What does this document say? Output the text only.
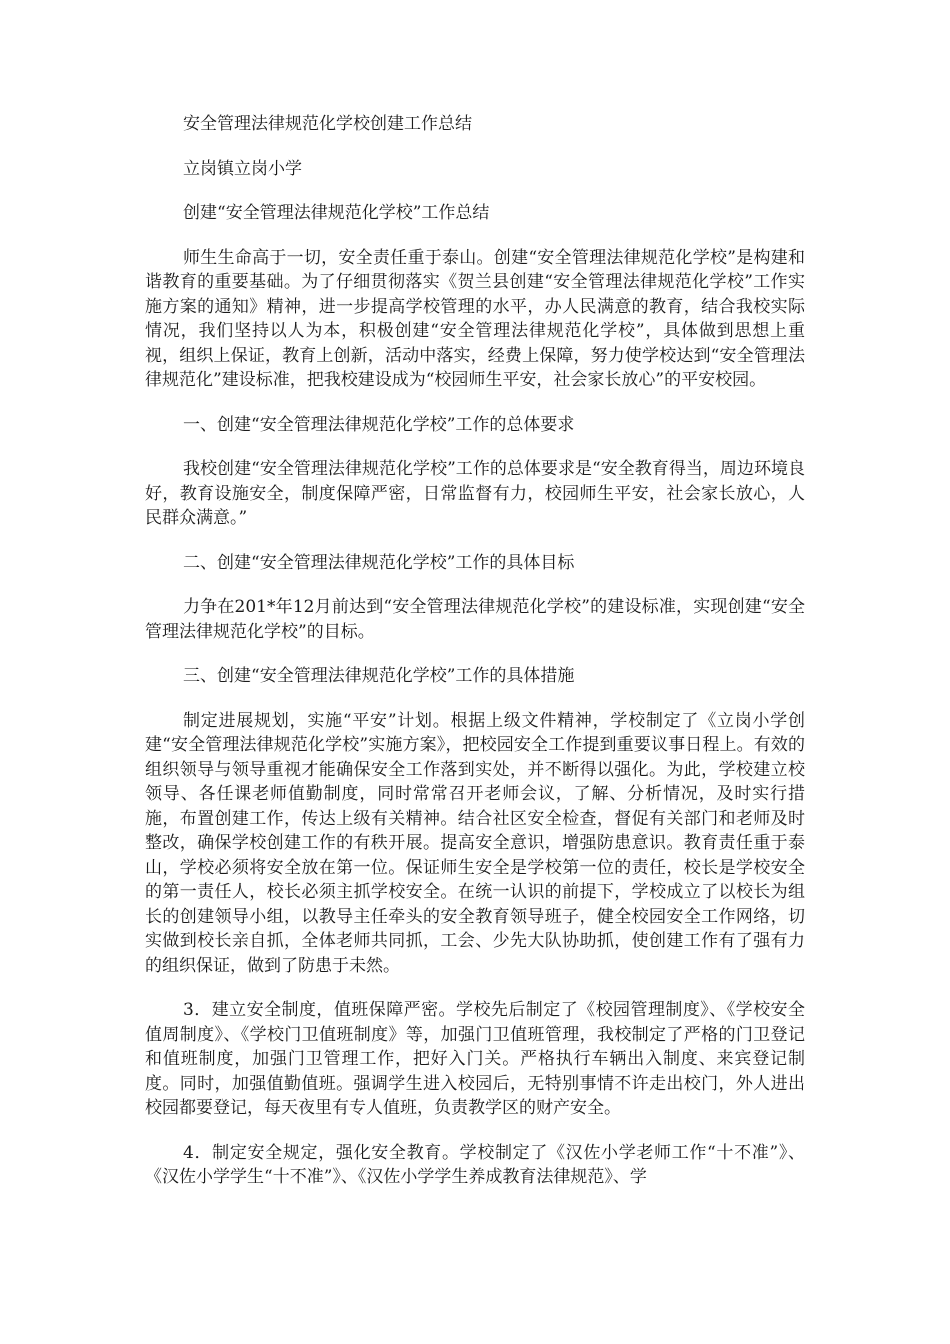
安全管理法律规范化学校创建工作总结
立岗镇立岗小学
创建“安全管理法律规范化学校”工作总结
师生生命高于一切，安全责任重于泰山。创建“安全管理法律规范化学校”是构建和谐教育的重要基础。为了仔细贯彻落实《贺兰县创建“安全管理法律规范化学校”工作实施方案的通知》精神，进一步提高学校管理的水平，办人民满意的教育，结合我校实际情况，我们坚持以人为本，积极创建“安全管理法律规范化学校”，具体做到思想上重视，组织上保证，教育上创新，活动中落实，经费上保障，努力使学校达到“安全管理法律规范化”建设标准，把我校建设成为“校园师生平安，社会家长放心”的平安校园。
一、创建“安全管理法律规范化学校”工作的总体要求
我校创建“安全管理法律规范化学校”工作的总体要求是“安全教育得当，周边环境良好，教育设施安全，制度保障严密，日常监督有力，校园师生平安，社会家长放心，人民群众满意。”
二、创建“安全管理法律规范化学校”工作的具体目标
力争在201*年12月前达到“安全管理法律规范化学校”的建设标准，实现创建“安全管理法律规范化学校”的目标。
三、创建“安全管理法律规范化学校”工作的具体措施
制定进展规划，实施“平安”计划。根据上级文件精神，学校制定了《立岗小学创建“安全管理法律规范化学校”实施方案》，把校园安全工作提到重要议事日程上。有效的组织领导与领导重视才能确保安全工作落到实处，并不断得以强化。为此，学校建立校领导、各任课老师值勤制度，同时常常召开老师会议，了解、分析情况，及时实行措施，布置创建工作，传达上级有关精神。结合社区安全检查，督促有关部门和老师及时整改，确保学校创建工作的有秩开展。提高安全意识，增强防患意识。教育责任重于泰山，学校必须将安全放在第一位。保证师生安全是学校第一位的责任，校长是学校安全的第一责任人，校长必须主抓学校安全。在统一认识的前提下，学校成立了以校长为组长的创建领导小组，以教导主任牵头的安全教育领导班子，健全校园安全工作网络，切实做到校长亲自抓，全体老师共同抓，工会、少先大队协助抓，使创建工作有了强有力的组织保证，做到了防患于未然。
3．建立安全制度，值班保障严密。学校先后制定了《校园管理制度》、《学校安全值周制度》、《学校门卫值班制度》等，加强门卫值班管理，我校制定了严格的门卫登记和值班制度，加强门卫管理工作，把好入门关。严格执行车辆出入制度、来宾登记制度。同时，加强值勤值班。强调学生进入校园后，无特别事情不许走出校门，外人进出校园都要登记，每天夜里有专人值班，负责教学区的财产安全。
4．制定安全规定，强化安全教育。学校制定了《汉佐小学老师工作“十不准”》、《汉佐小学学生“十不准”》、《汉佐小学学生养成教育法律规范》、学
